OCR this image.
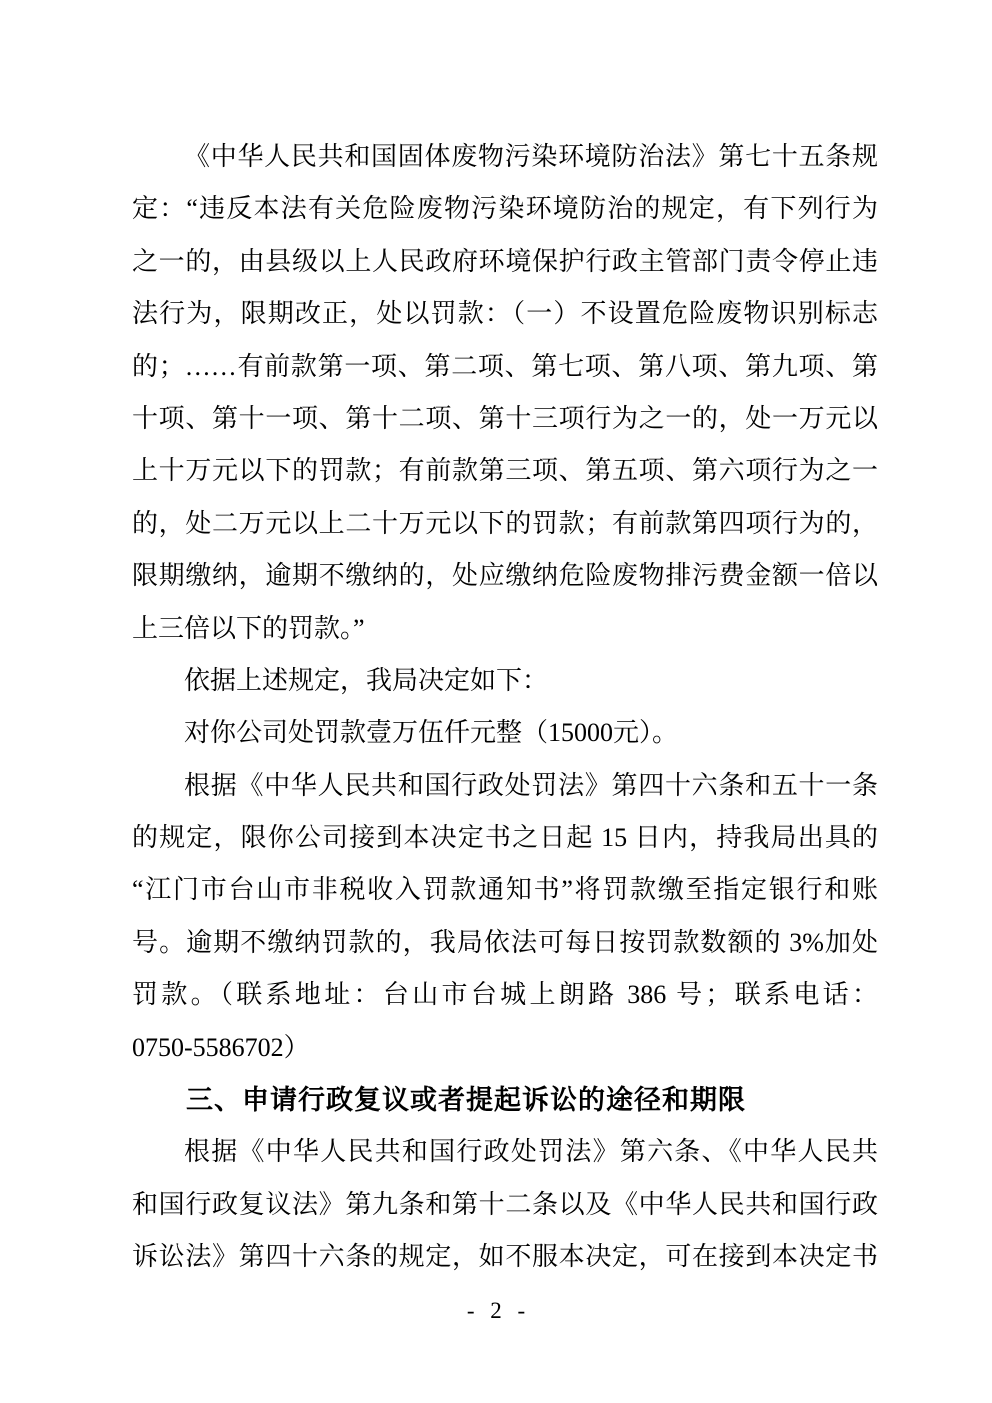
《中华人民共和国固体废物污染环境防治法》第七十五条规

定：“违反本法有关危险废物污染环境防治的规定，有下列行为

之一的，由县级以上人民政府环境保护行政主管部门责令停止违

法行为，限期改正，处以罚款：（一）不设置危险废物识别标志

的；……有前款第一项、第二项、第七项、第八项、第九项、第

十项、第十一项、第十二项、第十三项行为之一的，处一万元以

上十万元以下的罚款；有前款第三项、第五项、第六项行为之一

的，处二万元以上二十万元以下的罚款；有前款第四项行为的，

限期缴纳，逾期不缴纳的，处应缴纳危险废物排污费金额一倍以

上三倍以下的罚款。”

依据上述规定，我局决定如下：

对你公司处罚款壹万伍仟元整（15000元）。

根据《中华人民共和国行政处罚法》第四十六条和五十一条

的规定，限你公司接到本决定书之日起 15 日内，持我局出具的

“江门市台山市非税收入罚款通知书”将罚款缴至指定银行和账

号。逾期不缴纳罚款的，我局依法可每日按罚款数额的 3%加处

罚款。（联系地址：台山市台城上朗路 386 号；联系电话：

0750-5586702）

三、申请行政复议或者提起诉讼的途径和期限

根据《中华人民共和国行政处罚法》第六条、《中华人民共

和国行政复议法》第九条和第十二条以及《中华人民共和国行政

诉讼法》第四十六条的规定，如不服本决定，可在接到本决定书

- 2 -
